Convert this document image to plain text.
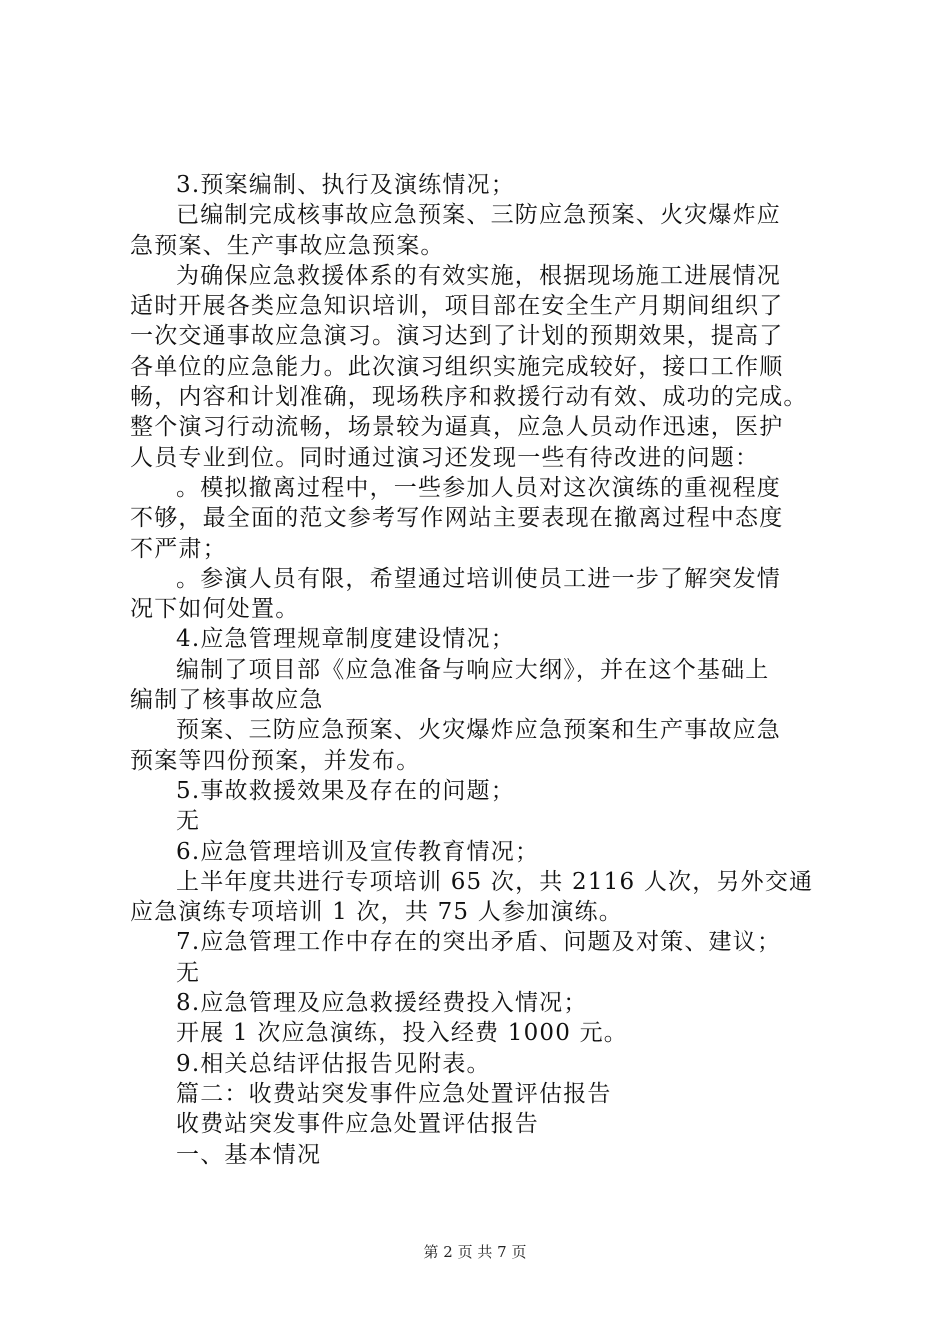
3.预案编制、执行及演练情况；
已编制完成核事故应急预案、三防应急预案、火灾爆炸应
急预案、生产事故应急预案。
为确保应急救援体系的有效实施，根据现场施工进展情况
适时开展各类应急知识培训，项目部在安全生产月期间组织了
一次交通事故应急演习。演习达到了计划的预期效果，提高了
各单位的应急能力。此次演习组织实施完成较好，接口工作顺
畅，内容和计划准确，现场秩序和救援行动有效、成功的完成。
整个演习行动流畅，场景较为逼真，应急人员动作迅速，医护
人员专业到位。同时通过演习还发现一些有待改进的问题：
。模拟撤离过程中，一些参加人员对这次演练的重视程度
不够，最全面的范文参考写作网站主要表现在撤离过程中态度
不严肃；
。参演人员有限，希望通过培训使员工进一步了解突发情
况下如何处置。
4.应急管理规章制度建设情况；
编制了项目部《应急准备与响应大纲》，并在这个基础上
编制了核事故应急
预案、三防应急预案、火灾爆炸应急预案和生产事故应急
预案等四份预案，并发布。
5.事故救援效果及存在的问题；
无
6.应急管理培训及宣传教育情况；
上半年度共进行专项培训 65 次，共 2116 人次，另外交通
应急演练专项培训 1 次，共 75 人参加演练。
7.应急管理工作中存在的突出矛盾、问题及对策、建议；
无
8.应急管理及应急救援经费投入情况；
开展 1 次应急演练，投入经费 1000 元。
9.相关总结评估报告见附表。
篇二：收费站突发事件应急处置评估报告
收费站突发事件应急处置评估报告
一、基本情况
第 2 页 共 7 页
